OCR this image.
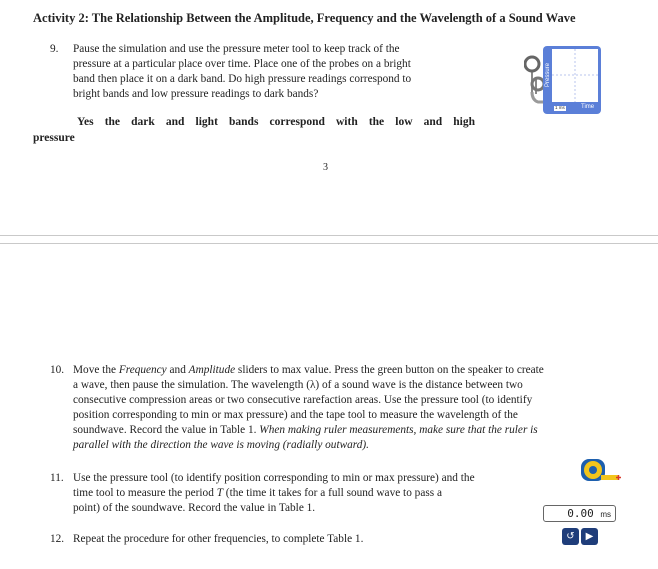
Activity 2: The Relationship Between the Amplitude, Frequency and the Wavelength of a Sound Wave
9. Pause the simulation and use the pressure meter tool to keep track of the
pressure at a particular place over time. Place one of the probes on a bright
band then place it on a dark band. Do high pressure readings correspond to
bright bands and low pressure readings to dark bands?
Pressure
1 ms	Time
Yes the dark and light bands correspond with the low and high
pressure
3
10. Move the Frequency and Amplitude sliders to max value. Press the green button on the speaker to create
a wave, then pause the simulation. The wavelength (λ) of a sound wave is the distance between two
consecutive compression areas or two consecutive rarefaction areas. Use the pressure tool (to identify
position corresponding to min or max pressure) and the tape tool to measure the wavelength of the
soundwave. Record the value in Table 1. When making ruler measurements, make sure that the ruler is
parallel with the direction the wave is moving (radially outward).
11. Use the pressure tool (to identify position corresponding to min or max pressure) and the
time tool to measure the period T (the time it takes for a full sound wave to pass a
point) of the soundwave. Record the value in Table 1.	0.00 ms
↺	▶
12. Repeat the procedure for other frequencies, to complete Table 1.
